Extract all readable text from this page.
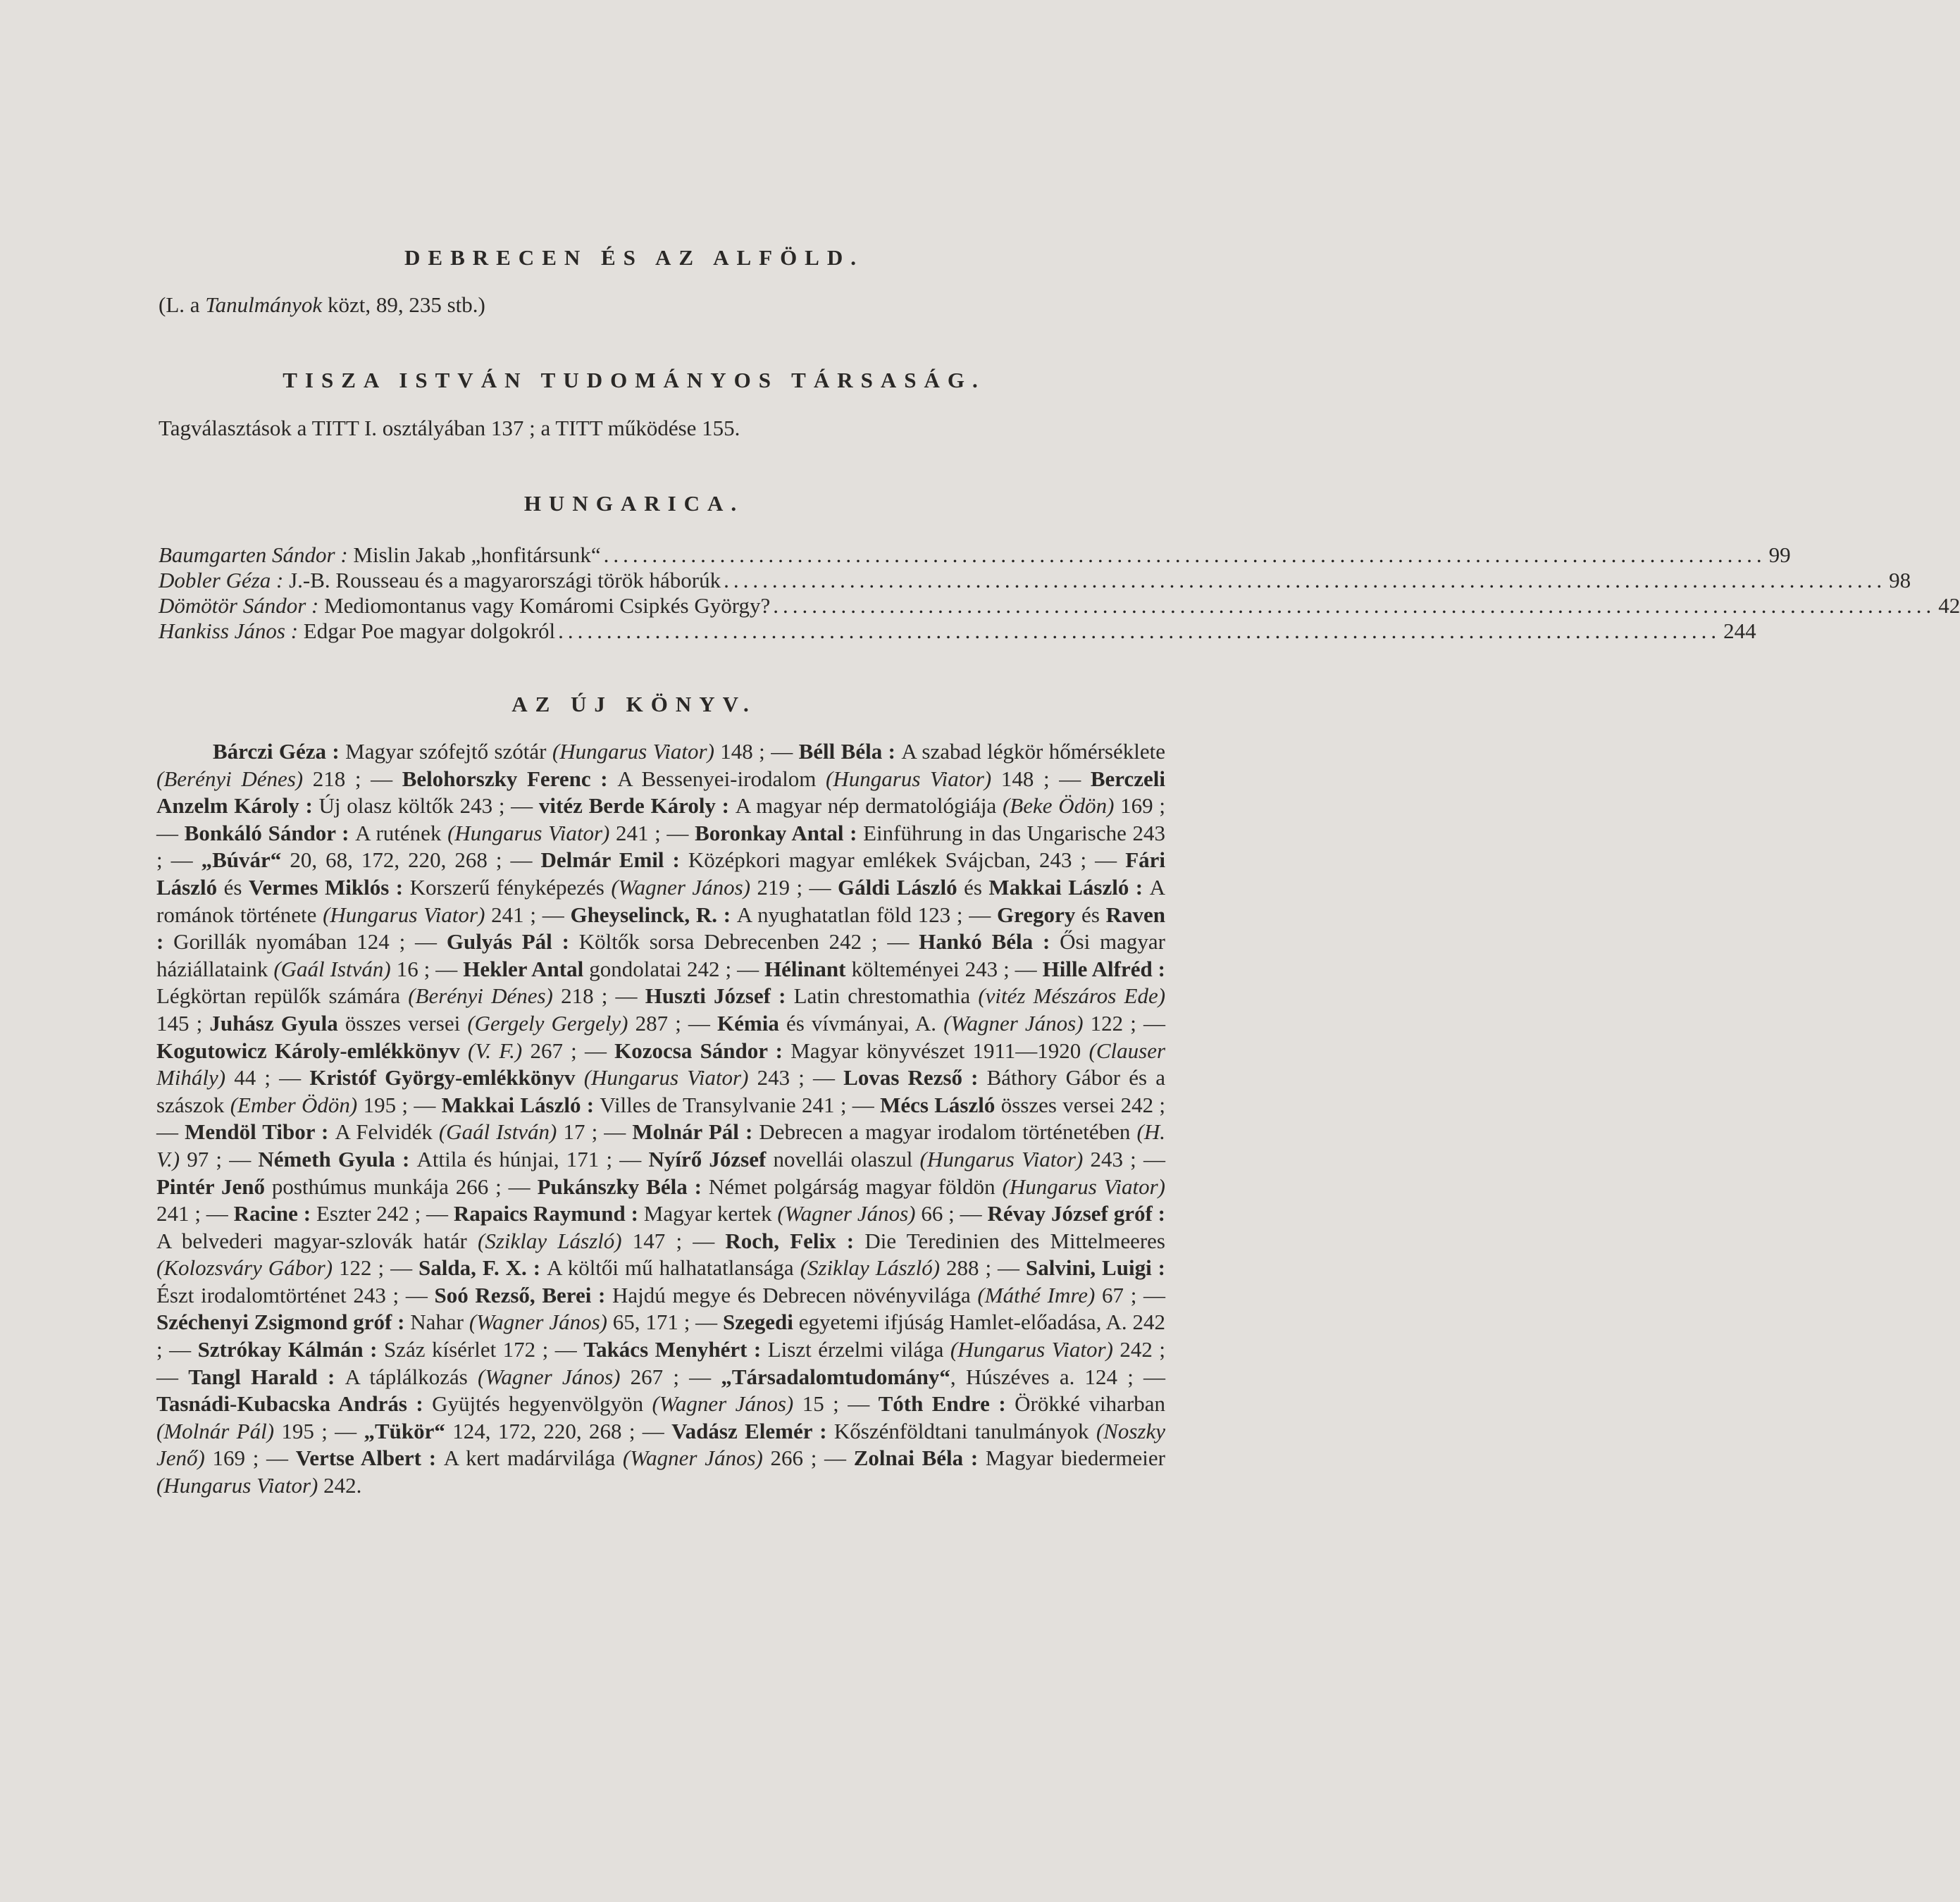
DEBRECEN ÉS AZ ALFÖLD.
(L. a Tanulmányok közt, 89, 235 stb.)
TISZA ISTVÁN TUDOMÁNYOS TÁRSASÁG.
Tagválasztások a TITT I. osztályában 137 ; a TITT működése 155.
HUNGARICA.
Baumgarten Sándor : Mislin Jakab „honfitársunk“ ........................................................................................................................ 99
Dobler Géza : J.-B. Rousseau és a magyarországi török háborúk ........................................................................................................................ 98
Dömötör Sándor : Mediomontanus vagy Komáromi Csipkés György? ........................................................................................................................ 42
Hankiss János : Edgar Poe magyar dolgokról ........................................................................................................................ 244
AZ ÚJ KÖNYV.

Bárczi Géza : Magyar szófejtő szótár (Hungarus Viator) 148 ; — Béll Béla : A szabad légkör hőmérséklete (Berényi Dénes) 218 ; — Belohorszky Ferenc : A Bessenyei-irodalom (Hungarus Viator) 148 ; — Berczeli Anzelm Károly : Új olasz költők 243 ; — vitéz Berde Károly : A magyar nép dermatológiája (Beke Ödön) 169 ; — Bonkáló Sándor : A rutének (Hungarus Viator) 241 ; — Boronkay Antal : Einführung in das Ungarische 243 ; — „Búvár“ 20, 68, 172, 220, 268 ; — Delmár Emil : Középkori magyar emlékek Svájcban, 243 ; — Fári László és Vermes Miklós : Korszerű fényképezés (Wagner János) 219 ; — Gáldi László és Makkai László : A románok története (Hungarus Viator) 241 ; — Gheyselinck, R. : A nyughatatlan föld 123 ; — Gregory és Raven : Gorillák nyomában 124 ; — Gulyás Pál : Költők sorsa Debrecenben 242 ; — Hankó Béla : Ősi magyar háziállataink (Gaál István) 16 ; — Hekler Antal gondolatai 242 ; — Hélinant költeményei 243 ; — Hille Alfréd : Légkörtan repülők számára (Berényi Dénes) 218 ; — Huszti József : Latin chrestomathia (vitéz Mészáros Ede) 145 ; Juhász Gyula összes versei (Gergely Gergely) 287 ; — Kémia és vívmányai, A. (Wagner János) 122 ; — Kogutowicz Károly-emlékkönyv (V. F.) 267 ; — Kozocsa Sándor : Magyar könyvészet 1911—1920 (Clauser Mihály) 44 ; — Kristóf György-emlékkönyv (Hungarus Viator) 243 ; — Lovas Rezső : Báthory Gábor és a szászok (Ember Ödön) 195 ; — Makkai László : Villes de Transylvanie 241 ; — Mécs László összes versei 242 ; — Mendöl Tibor : A Felvidék (Gaál István) 17 ; — Molnár Pál : Debrecen a magyar irodalom történetében (H. V.) 97 ; — Németh Gyula : Attila és húnjai, 171 ; — Nyírő József novellái olaszul (Hungarus Viator) 243 ; — Pintér Jenő posthúmus munkája 266 ; — Pukánszky Béla : Német polgárság magyar földön (Hungarus Viator) 241 ; — Racine : Eszter 242 ; — Rapaics Raymund : Magyar kertek (Wagner János) 66 ; — Révay József gróf : A belvederi magyar-szlovák határ (Sziklay László) 147 ; — Roch, Felix : Die Teredinien des Mittelmeeres (Kolozsváry Gábor) 122 ; — Salda, F. X. : A költői mű halhatatlansága (Sziklay László) 288 ; — Salvini, Luigi : Észt irodalomtörténet 243 ; — Soó Rezső, Berei : Hajdú megye és Debrecen növényvilága (Máthé Imre) 67 ; — Széchenyi Zsigmond gróf : Nahar (Wagner János) 65, 171 ; — Szegedi egyetemi ifjúság Hamlet-előadása, A. 242 ; — Sztrókay Kálmán : Száz kísérlet 172 ; — Takács Menyhért : Liszt érzelmi világa (Hungarus Viator) 242 ; — Tangl Harald : A táplálkozás (Wagner János) 267 ; — „Társadalomtudomány“, Húszéves a. 124 ; — Tasnádi-Kubacska András : Gyüjtés hegyenvölgyön (Wagner János) 15 ; — Tóth Endre : Örökké viharban (Molnár Pál) 195 ; — „Tükör“ 124, 172, 220, 268 ; — Vadász Elemér : Kőszénföldtani tanulmányok (Noszky Jenő) 169 ; — Vertse Albert : A kert madárvilága (Wagner János) 266 ; — Zolnai Béla : Magyar biedermeier (Hungarus Viator) 242.
